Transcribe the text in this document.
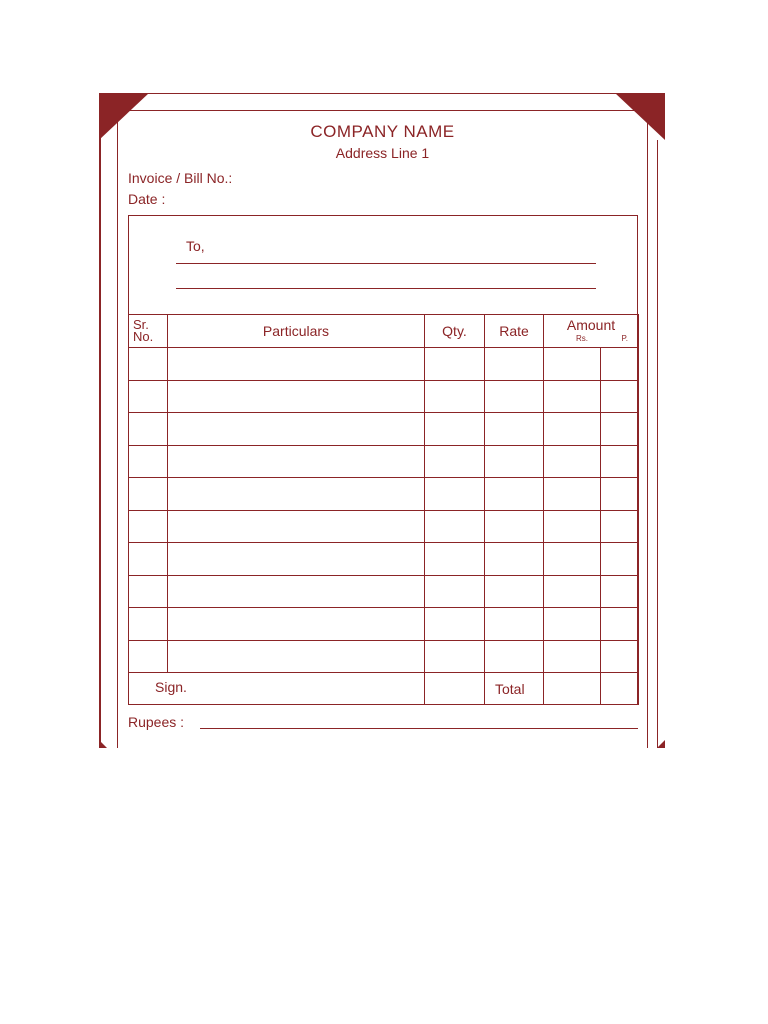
COMPANY NAME
Address Line 1
Invoice / Bill No.:
Date :
To,
Sr.
No.	Particulars	Qty.	Rate	Amount
Rs. P.	

Sign.			Total		
Rupees :
